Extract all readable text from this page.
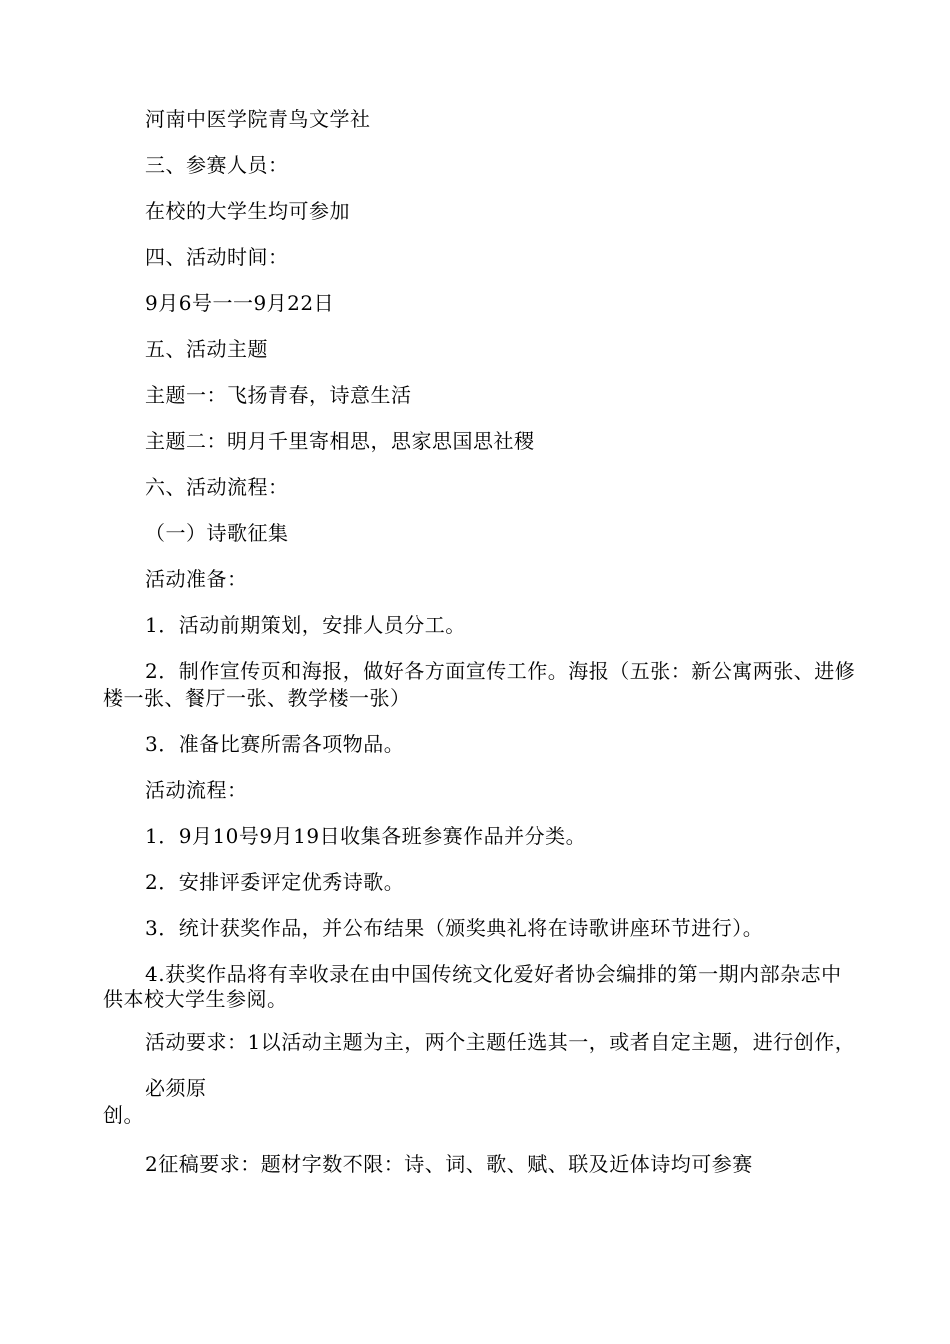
河南中医学院青鸟文学社
三、参赛人员：
在校的大学生均可参加
四、活动时间：
9月6号一一9月22日
五、活动主题
主题一：飞扬青春，诗意生活
主题二：明月千里寄相思，思家思国思社稷
六、活动流程：
（一）诗歌征集
活动准备：
1．活动前期策划，安排人员分工。
2．制作宣传页和海报，做好各方面宣传工作。海报（五张：新公寓两张、进修
楼一张、餐厅一张、教学楼一张）
3．准备比赛所需各项物品。
活动流程：
1．9月10号9月19日收集各班参赛作品并分类。
2．安排评委评定优秀诗歌。
3．统计获奖作品，并公布结果（颁奖典礼将在诗歌讲座环节进行）。
4.获奖作品将有幸收录在由中国传统文化爱好者协会编排的第一期内部杂志中
供本校大学生参阅。
活动要求：1以活动主题为主，两个主题任选其一，或者自定主题，进行创作，
必须原
创。
2征稿要求：题材字数不限：诗、词、歌、赋、联及近体诗均可参赛
